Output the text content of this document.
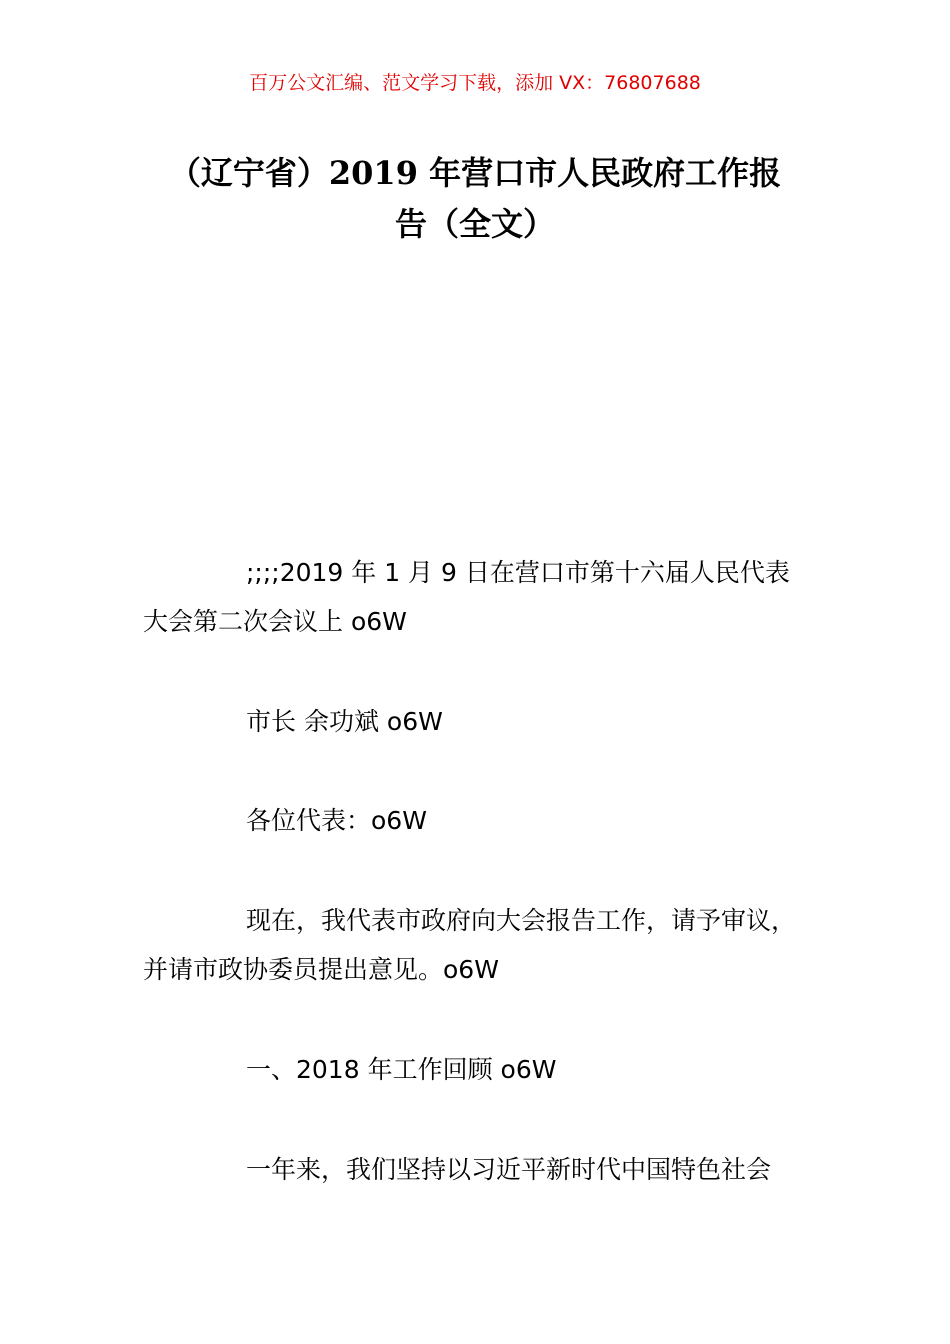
百万公文汇编、范文学习下载，添加 VX：76807688
（辽宁省）2019 年营口市人民政府工作报
告（全文）

;;;;2019 年 1 月 9 日在营口市第十六届人民代表
大会第二次会议上 o6W

市长 余功斌 o6W

各位代表：o6W

现在，我代表市政府向大会报告工作，请予审议，
并请市政协委员提出意见。o6W

一、2018 年工作回顾 o6W

一年来，我们坚持以习近平新时代中国特色社会
